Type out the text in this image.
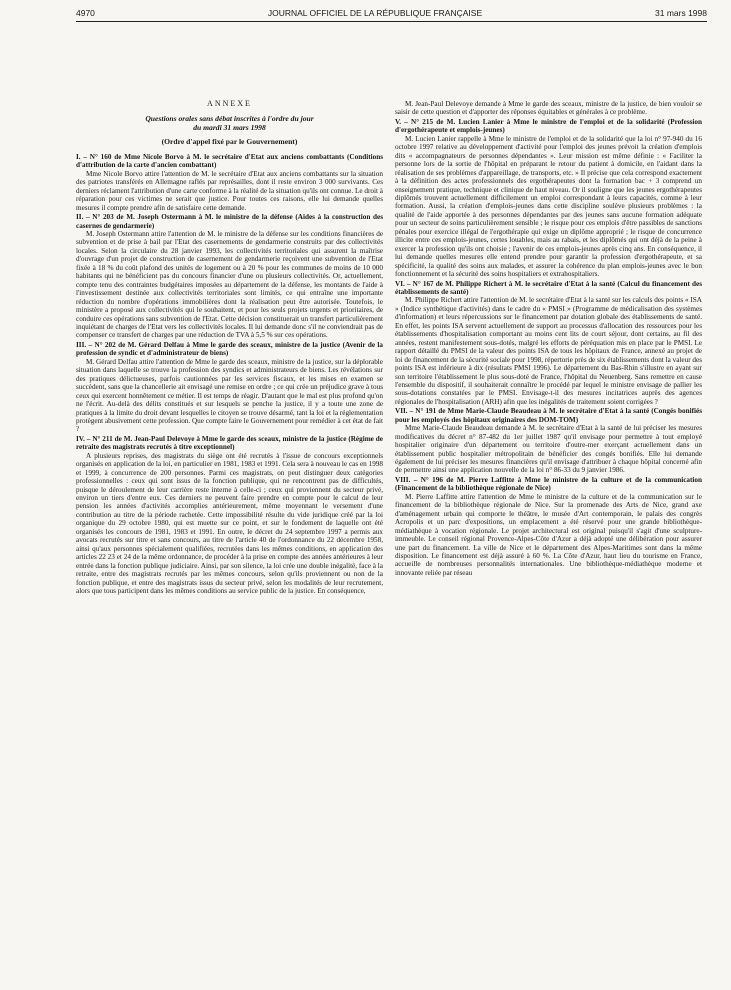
4970	JOURNAL OFFICIEL DE LA RÉPUBLIQUE FRANÇAISE	31 mars 1998
ANNEXE
Questions orales sans débat inscrites à l'ordre du jour
du mardi 31 mars 1998
(Ordre d'appel fixé par le Gouvernement)
I. – N° 160 de Mme Nicole Borvo à M. le secrétaire d'Etat aux anciens combattants (Conditions d'attribution de la carte d'ancien combattant)

Mme Nicole Borvo attire l'attention de M. le secrétaire d'Etat aux anciens combattants sur la situation des patriotes transférés en Allemagne raflés par représailles, dont il reste environ 3 000 survivants. Ces derniers réclament l'attribution d'une carte conforme à la réalité de la situation qu'ils ont connue. Le droit à réparation pour ces victimes ne serait que justice. Pour toutes ces raisons, elle lui demande quelles mesures il compte prendre afin de satisfaire cette demande.

II. – N° 203 de M. Joseph Ostermann à M. le ministre de la défense (Aides à la construction des casernes de gendarmerie)

M. Joseph Ostermann attire l'attention de M. le ministre de la défense sur les conditions financières de subvention et de prise à bail par l'Etat des casernements de gendarmerie construits par des collectivités locales. Selon la circulaire du 28 janvier 1993, les collectivités territoriales qui assurent la maîtrise d'ouvrage d'un projet de construction de casernement de gendarmerie reçoivent une subvention de l'Etat fixée à 18 % du coût plafond des unités de logement ou à 20 % pour les communes de moins de 10 000 habitants qui ne bénéficient pas du concours financier d'une ou plusieurs collectivités. Or, actuellement, compte tenu des contraintes budgétaires imposées au département de la défense, les montants de l'aide à l'investissement destinée aux collectivités territoriales sont limités, ce qui entraîne une importante réduction du nombre d'opérations immobilières dont la réalisation peut être autorisée. Toutefois, le ministère a proposé aux collectivités qui le souhaitent, et pour les seuls projets urgents et prioritaires, de conduire ces opérations sans subvention de l'Etat. Cette décision constituerait un transfert particulièrement inquiétant de charges de l'Etat vers les collectivités locales. Il lui demande donc s'il ne conviendrait pas de compenser ce transfert de charges par une réduction de TVA à 5,5 % sur ces opérations.

III. – N° 202 de M. Gérard Delfau à Mme le garde des sceaux, ministre de la justice (Avenir de la profession de syndic et d'administrateur de biens)

M. Gérard Delfau attire l'attention de Mme le garde des sceaux, ministre de la justice, sur la déplorable situation dans laquelle se trouve la profession des syndics et administrateurs de biens. Les révélations sur des pratiques délictueuses, parfois cautionnées par les services fiscaux, et les mises en examen se succèdent, sans que la chancellerie ait envisagé une remise en ordre ; ce qui crée un préjudice grave à tous ceux qui exercent honnêtement ce métier. Il est temps de réagir. D'autant que le mal est plus profond qu'on ne l'écrit. Au-delà des délits constitués et sur lesquels se penche la justice, il y a toute une zone de pratiques à la limite du droit devant lesquelles le citoyen se trouve désarmé, tant la loi et la réglementation protègent abusivement cette profession. Que compte faire le Gouvernement pour remédier à cet état de fait ?

IV. – N° 211 de M. Jean-Paul Delevoye à Mme le garde des sceaux, ministre de la justice (Régime de retraite des magistrats recrutés à titre exceptionnel)

A plusieurs reprises, des magistrats du siège ont été recrutés à l'issue de concours exceptionnels organisés en application de la loi, en particulier en 1981, 1983 et 1991. Cela sera à nouveau le cas en 1998 et 1999, à concurrence de 200 personnes. Parmi ces magistrats, on peut distinguer deux catégories professionnelles : ceux qui sont issus de la fonction publique, qui ne rencontrent pas de difficultés, puisque le déroulement de leur carrière reste interne à celle-ci ; ceux qui proviennent du secteur privé, environ un tiers d'entre eux. Ces derniers ne peuvent faire prendre en compte pour le calcul de leur pension les années d'activités accomplies antérieurement, même moyennant le versement d'une contribution au titre de la période rachetée. Cette impossibilité résulte du vide juridique créé par la loi organique du 29 octobre 1980, qui est muette sur ce point, et sur le fondement de laquelle ont été organisés les concours de 1981, 1983 et 1991. En outre, le décret du 24 septembre 1997 a permis aux avocats recrutés sur titre et sans concours, au titre de l'article 40 de l'ordonnance du 22 décembre 1958, ainsi qu'aux personnes spécialement qualifiées, recrutées dans les mêmes conditions, en application des articles 22 23 et 24 de la même ordonnance, de procéder à la prise en compte des années antérieures à leur entrée dans la fonction publique judiciaire. Ainsi, par son silence, la loi crée une double inégalité, face à la retraite, entre des magistrats recrutés par les mêmes concours, selon qu'ils proviennent ou non de la fonction publique, et entre des magistrats issus du secteur privé, selon les modalités de leur recrutement, alors que tous participent dans les mêmes conditions au service public de la justice. En conséquence,

M. Jean-Paul Delevoye demande à Mme le garde des sceaux, ministre de la justice, de bien vouloir se saisir de cette question et d'apporter des réponses équitables et générales à ce problème.

V. – N° 215 de M. Lucien Lanier à Mme le ministre de l'emploi et de la solidarité (Profession d'ergothérapeute et emplois-jeunes)

M. Lucien Lanier rappelle à Mme le ministre de l'emploi et de la solidarité que la loi n° 97-940 du 16 octobre 1997 relative au développement d'activité pour l'emploi des jeunes prévoit la création d'emplois dits « accompagnateurs de personnes dépendantes ». Leur mission est même définie : « Faciliter la personne lors de la sortie de l'hôpital en préparant le retour du patient à domicile, en l'aidant dans la réalisation de ses problèmes d'appareillage, de transports, etc. » Il précise que cela correspond exactement à la définition des actes professionnels des ergothérapeutes dont la formation bac + 3 comprend un enseignement pratique, technique et clinique de haut niveau. Or il souligne que les jeunes ergothérapeutes diplômés trouvent actuellement difficilement un emploi correspondant à leurs capacités, comme à leur formation. Aussi, la création d'emplois-jeunes dans cette discipline soulève plusieurs problèmes : la qualité de l'aide apportée à des personnes dépendantes par des jeunes sans aucune formation adéquate pour un secteur de soins particulièrement sensible ; le risque pour ces emplois d'être passibles de sanctions pénales pour exercice illégal de l'ergothérapie qui exige un diplôme approprié ; le risque de concurrence illicite entre ces emplois-jeunes, certes louables, mais au rabais, et les diplômés qui ont déjà de la peine à exercer la profession qu'ils ont choisie ; l'avenir de ces emplois-jeunes après cinq ans. En conséquence, il lui demande quelles mesures elle entend prendre pour garantir la profession d'ergothérapeute, et sa spécificité, la qualité des soins aux malades, et assurer la cohérence du plan emplois-jeunes avec le bon fonctionnement et la sécurité des soins hospitaliers et extrahospitaliers.

VI. – N° 167 de M. Philippe Richert à M. le secrétaire d'Etat à la santé (Calcul du financement des établissements de santé)

M. Philippe Richert attire l'attention de M. le secrétaire d'Etat à la santé sur les calculs des points « ISA » (Indice synthétique d'activités) dans le cadre du « PMSI » (Programme de médicalisation des systèmes d'information) et leurs répercussions sur le financement par dotation globale des établissements de santé. En effet, les points ISA servent actuellement de support au processus d'allocation des ressources pour les établissements d'hospitalisation comportant au moins cent lits de court séjour, dont certains, au fil des années, restent manifestement sous-dotés, malgré les efforts de péréquation mis en place par le PMSI. Le rapport détaillé du PMSI de la valeur des points ISA de tous les hôpitaux de France, annexé au projet de loi de financement de la sécurité sociale pour 1998, répertorie près de six établissements dont la valeur des points ISA est inférieure à dix (résultats PMSI 1996). Le département du Bas-Rhin s'illustre en ayant sur son territoire l'établissement le plus sous-doté de France, l'hôpital du Neuenberg. Sans remettre en cause l'ensemble du dispositif, il souhaiterait connaître le procédé par lequel le ministre envisage de pallier les sous-dotations constatées par le PMSI. Envisage-t-il des mesures incitatrices auprès des agences régionales de l'hospitalisation (ARH) afin que les inégalités de traitement soient corrigées ?

VII. – N° 191 de Mme Marie-Claude Beaudeau à M. le secrétaire d'Etat à la santé (Congés bonifiés pour les employés des hôpitaux originaires des DOM-TOM)

Mme Marie-Claude Beaudeau demande à M. le secrétaire d'Etat à la santé de lui préciser les mesures modificatives du décret n° 87-482 du 1er juillet 1987 qu'il envisage pour permettre à tout employé hospitalier originaire d'un département ou territoire d'outre-mer exerçant actuellement dans un établissement public hospitalier métropolitain de bénéficier des congés bonifiés. Elle lui demande également de lui préciser les mesures financières qu'il envisage d'attribuer à chaque hôpital concerné afin de permettre ainsi une application nouvelle de la loi n° 86-33 du 9 janvier 1986.

VIII. – N° 196 de M. Pierre Laffitte à Mme le ministre de la culture et de la communication (Financement de la bibliothèque régionale de Nice)

M. Pierre Laffitte attire l'attention de Mme le ministre de la culture et de la communication sur le financement de la bibliothèque régionale de Nice. Sur la promenade des Arts de Nice, grand axe d'aménagement urbain qui comporte le théâtre, le musée d'Art contemporain, le palais des congrès Acropolis et un parc d'expositions, un emplacement a été réservé pour une grande bibliothèque-médiathèque à vocation régionale. Le projet architectural est original puisqu'il s'agit d'une sculpture-immeuble. Le conseil régional Provence-Alpes-Côte d'Azur a déjà adopté une délibération pour assurer une part du financement. La ville de Nice et le département des Alpes-Maritimes sont dans la même disposition. Le financement est déjà assuré à 60 %. La Côte d'Azur, haut lieu du tourisme en France, accueille de nombreuses personnalités internationales. Une bibliothèque-médiathèque moderne et innovante reliée par réseau
